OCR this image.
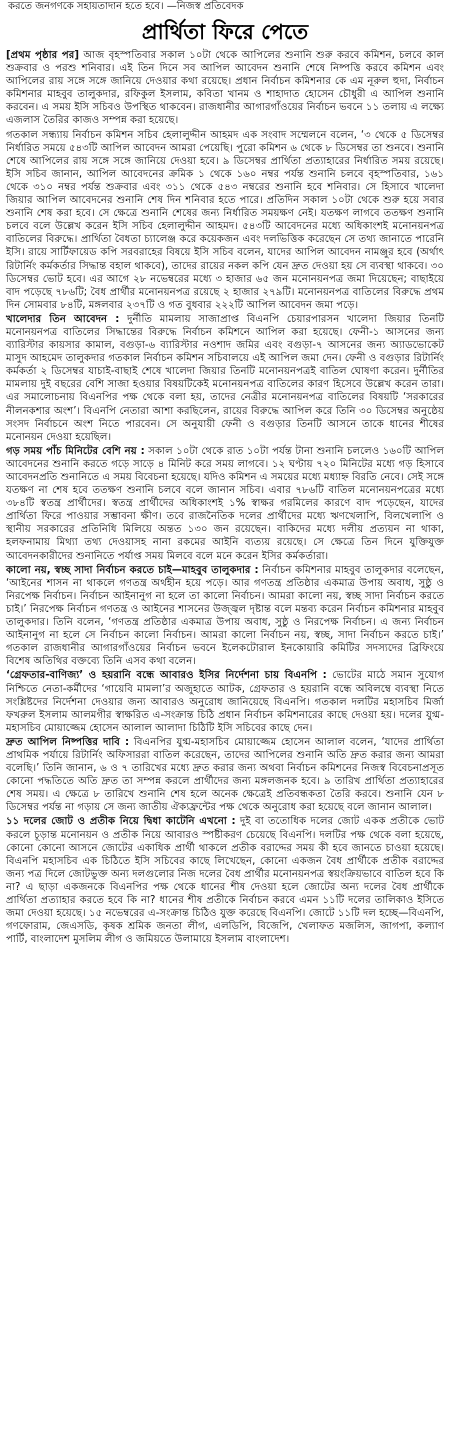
করতে জনগণকে সহায়তাদান হতে হবে। —নিজস্ব প্রতিবেদক
প্রার্থিতা ফিরে পেতে

[প্রথম পৃষ্ঠার পর] আজ বৃহস্পতিবার সকাল ১০টা থেকে আপিলের শুনানি শুরু করবে কমিশন, চলবে কাল শুক্রবার ও পরশু শনিবার। এই তিন দিনে সব আপিল আবেদন শুনানি শেষে নিষ্পত্তি করবে কমিশন এবং আপিলের রায় সঙ্গে সঙ্গে জানিয়ে দেওয়ার কথা রয়েছে। প্রধান নির্বাচন কমিশনার কে এম নূরুল হুদা, নির্বাচন কমিশনার মাহবুব তালুকদার, রফিকুল ইসলাম, কবিতা খানম ও শাহাদাত হোসেন চৌধুরী এ আপিল শুনানি করবেন। এ সময় ইসি সচিবও উপস্থিত থাকবেন। রাজধানীর আগারগাঁওয়ের নির্বাচন ভবনে ১১ তলায় এ লক্ষ্যে এজলাস তৈরির কাজও সম্পন্ন করা হয়েছে।

গতকাল সন্ধ্যায় নির্বাচন কমিশন সচিব হেলালুদ্দীন আহমদ এক সংবাদ সম্মেলনে বলেন, ‘৩ থেকে ৫ ডিসেম্বর নির্ধারিত সময়ে ৫৪৩টি আপিল আবেদন আমরা পেয়েছি। পুরো কমিশন ৬ থেকে ৮ ডিসেম্বর তা শুনবে। শুনানি শেষে আপিলের রায় সঙ্গে সঙ্গে জানিয়ে দেওয়া হবে। ৯ ডিসেম্বর প্রার্থিতা প্রত্যাহারের নির্ধারিত সময় রয়েছে। ইসি সচিব জানান, আপিল আবেদনের ক্রমিক ১ থেকে ১৬০ নম্বর পর্যন্ত শুনানি চলবে বৃহস্পতিবার, ১৬১ থেকে ৩১০ নম্বর পর্যন্ত শুক্রবার এবং ৩১১ থেকে ৫৪৩ নম্বরের শুনানি হবে শনিবার। সে হিসাবে খালেদা জিয়ার আপিল আবেদনের শুনানি শেষ দিন শনিবার হতে পারে। প্রতিদিন সকাল ১০টা থেকে শুরু হয়ে সবার শুনানি শেষ করা হবে। সে ক্ষেত্রে শুনানি শেষের জন্য নির্ধারিত সময়ক্ষণ নেই। যতক্ষণ লাগবে ততক্ষণ শুনানি চলবে বলে উল্লেখ করেন ইসি সচিব হেলালুদ্দীন আহমদ। ৫৪৩টি আবেদনের মধ্যে অধিকাংশই মনোনয়নপত্র বাতিলের বিরুদ্ধে। প্রার্থিতা বৈধতা চ্যালেঞ্জ করে কয়েকজন এবং দলভিত্তিক করেছেন সে তথ্য জানাতে পারেনি ইসি। রায়ে সার্টিফায়েড কপি সরবরাহের বিষয়ে ইসি সচিব বলেন, যাদের আপিল আবেদন নামঞ্জুর হবে (অর্থাৎ রিটার্নিং কর্মকর্তার সিদ্ধান্ত বহাল থাকবে), তাদের রায়ের নকল কপি যেন দ্রুত দেওয়া হয় সে ব্যবস্থা থাকবে। ৩০ ডিসেম্বর ভোট হবে। এর আগে ২৮ নভেম্বরের মধ্যে ৩ হাজার ৬৫ জন মনোনয়নপত্র জমা দিয়েছেন; বাছাইয়ে বাদ পড়েছে ৭৮৬টি; বৈধ প্রার্থীর মনোনয়নপত্র রয়েছে ২ হাজার ২৭৯টি। মনোনয়নপত্র বাতিলের বিরুদ্ধে প্রথম দিন সোমবার ৮৪টি, মঙ্গলবার ২৩৭টি ও গত বুধবার ২২২টি আপিল আবেদন জমা পড়ে।

খালেদার তিন আবেদন : দুর্নীতি মামলায় সাজাপ্রাপ্ত বিএনপি চেয়ারপারসন খালেদা জিয়ার তিনটি মনোনয়নপত্র বাতিলের সিদ্ধান্তের বিরুদ্ধে নির্বাচন কমিশনে আপিল করা হয়েছে। ফেনী-১ আসনের জন্য ব্যারিস্টার কায়সার কামাল, বগুড়া-৬ ব্যারিস্টার নওশাদ জমির এবং বগুড়া-৭ আসনের জন্য অ্যাডভোকেট মাসুদ আহমেদ তালুকদার গতকাল নির্বাচন কমিশন সচিবালয়ে এই আপিল জমা দেন। ফেনী ও বগুড়ার রিটার্নিং কর্মকর্তা ২ ডিসেম্বর যাচাই-বাছাই শেষে খালেদা জিয়ার তিনটি মনোনয়নপত্রই বাতিল ঘোষণা করেন। দুর্নীতির মামলায় দুই বছরের বেশি সাজা হওয়ার বিষয়টিকেই মনোনয়নপত্র বাতিলের কারণ হিসেবে উল্লেখ করেন তারা। এর সমালোচনায় বিএনপির পক্ষ থেকে বলা হয়, তাদের নেত্রীর মনোনয়নপত্র বাতিলের বিষয়টি ‘সরকারের নীলনকশার অংশ’। বিএনপি নেতারা আশা করছিলেন, রায়ের বিরুদ্ধে আপিল করে তিনি ৩০ ডিসেম্বর অনুষ্ঠেয় সংসদ নির্বাচনে অংশ নিতে পারবেন। সে অনুযায়ী ফেনী ও বগুড়ার তিনটি আসনে তাকে ধানের শীষের মনোনয়ন দেওয়া হয়েছিল।

গড় সময় পাঁচ মিনিটের বেশি নয় : সকাল ১০টা থেকে রাত ১০টা পর্যন্ত টানা শুনানি চললেও ১৬০টি আপিল আবেদনের শুনানি করতে গড়ে সাড়ে ৪ মিনিট করে সময় লাগবে। ১২ ঘণ্টায় ৭২০ মিনিটের মধ্যে গড় হিসাবে আবেদনপ্রতি শুনানিতে এ সময় বিবেচনা হয়েছে। যদিও কমিশন এ সময়ের মধ্যে মধ্যাহ্ন বিরতি নেবে। সেই সঙ্গে যতক্ষণ না শেষ হবে ততক্ষণ শুনানি চলবে বলে জানান সচিব। এবার ৭৮৬টি বাতিল মনোনয়নপত্রের মধ্যে ৩৮৪টি স্বতন্ত্র প্রার্থীদের। স্বতন্ত্র প্রার্থীদের অধিকাংশই ১% স্বাক্ষর গরমিলের কারণে বাদ পড়েছেন, যাদের প্রার্থিতা ফিরে পাওয়ার সম্ভাবনা ক্ষীণ। তবে রাজনৈতিক দলের প্রার্থীদের মধ্যে ঋণখেলাপি, বিলখেলাপি ও স্থানীয় সরকারের প্রতিনিধি মিলিয়ে অন্তত ১৩০ জন রয়েছেন। বাকিদের মধ্যে দলীয় প্রত্যয়ন না থাকা, হলফনামায় মিথ্যা তথ্য দেওয়াসহ নানা রকমের আইনি ব্যত্যয় রয়েছে। সে ক্ষেত্রে তিন দিনে যুক্তিযুক্ত আবেদনকারীদের শুনানিতে পর্যাপ্ত সময় মিলবে বলে মনে করেন ইসির কর্মকর্তারা।

কালো নয়, স্বচ্ছ সাদা নির্বাচন করতে চাই—মাহবুব তালুকদার : নির্বাচন কমিশনার মাহবুব তালুকদার বলেছেন, ‘আইনের শাসন না থাকলে গণতন্ত্র অর্থহীন হয়ে পড়ে। আর গণতন্ত্র প্রতিষ্ঠার একমাত্র উপায় অবাধ, সুষ্ঠু ও নিরপেক্ষ নির্বাচন। নির্বাচন আইনানুগ না হলে তা কালো নির্বাচন। আমরা কালো নয়, স্বচ্ছ সাদা নির্বাচন করতে চাই।’ নিরপেক্ষ নির্বাচন গণতন্ত্র ও আইনের শাসনের উজ্জ্বল দৃষ্টান্ত বলে মন্তব্য করেন নির্বাচন কমিশনার মাহবুব তালুকদার। তিনি বলেন, ‘গণতন্ত্র প্রতিষ্ঠার একমাত্র উপায় অবাধ, সুষ্ঠু ও নিরপেক্ষ নির্বাচন। এ জন্য নির্বাচন আইনানুগ না হলে সে নির্বাচন কালো নির্বাচন। আমরা কালো নির্বাচন নয়, স্বচ্ছ, সাদা নির্বাচন করতে চাই।’ গতকাল রাজধানীর আগারগাঁওয়ের নির্বাচন ভবনে ইলেকটোরাল ইনকোয়ারি কমিটির সদস্যদের ব্রিফিংয়ে বিশেষ অতিথির বক্তব্যে তিনি এসব কথা বলেন।

‘গ্রেফতার-বাণিজ্য’ ও হয়রানি বন্ধে আবারও ইসির নির্দেশনা চায় বিএনপি : ভোটের মাঠে সমান সুযোগ নিশ্চিতে নেতা-কর্মীদের ‘গায়েবি মামলা’র অজুহাতে আটক, গ্রেফতার ও হয়রানি বন্ধে অবিলম্বে ব্যবস্থা নিতে সংশ্লিষ্টদের নির্দেশনা দেওয়ার জন্য আবারও অনুরোধ জানিয়েছে বিএনপি। গতকাল দলটির মহাসচিব মির্জা ফখরুল ইসলাম আলমগীর স্বাক্ষরিত এ-সংক্রান্ত চিঠি প্রধান নির্বাচন কমিশনারের কাছে দেওয়া হয়। দলের যুগ্ম-মহাসচিব মোয়াজ্জেম হোসেন আলাল আলাদা চিঠিটি ইসি সচিবের কাছে দেন।

দ্রুত আপিল নিষ্পত্তির দাবি : বিএনপির যুগ্ম-মহাসচিব মোয়াজ্জেম হোসেন আলাল বলেন, ‘যাদের প্রার্থিতা প্রাথমিক পর্যায়ে রিটার্নিং অফিসাররা বাতিল করেছেন, তাদের আপিলের শুনানি অতি দ্রুত করার জন্য আমরা বলেছি।’ তিনি জানান, ৬ ও ৭ তারিখের মধ্যে দ্রুত করার জন্য অথবা নির্বাচন কমিশনের নিজস্ব বিবেচনাপ্রসূত কোনো পদ্ধতিতে অতি দ্রুত তা সম্পন্ন করলে প্রার্থীদের জন্য মঙ্গলজনক হবে। ৯ তারিখ প্রার্থিতা প্রত্যাহারের শেষ সময়। এ ক্ষেত্রে ৮ তারিখে শুনানি শেষ হলে অনেক ক্ষেত্রেই প্রতিবন্ধকতা তৈরি করবে। শুনানি যেন ৮ ডিসেম্বর পর্যন্ত না গড়ায় সে জন্য জাতীয় ঐক্যফ্রন্টের পক্ষ থেকে অনুরোধ করা হয়েছে বলে জানান আলাল।

১১ দলের জোট ও প্রতীক নিয়ে দ্বিধা কাটেনি এখনো : দুই বা ততোধিক দলের জোট একক প্রতীকে ভোট করলে চূড়ান্ত মনোনয়ন ও প্রতীক নিয়ে আবারও স্পষ্টীকরণ চেয়েছে বিএনপি। দলটির পক্ষ থেকে বলা হয়েছে, কোনো কোনো আসনে জোটের একাধিক প্রার্থী থাকলে প্রতীক বরাদ্দের সময় কী হবে জানতে চাওয়া হয়েছে। বিএনপি মহাসচিব এক চিঠিতে ইসি সচিবের কাছে লিখেছেন, কোনো একজন বৈধ প্রার্থীকে প্রতীক বরাদ্দের জন্য পত্র দিলে জোটভুক্ত অন্য দলগুলোর নিজ দলের বৈধ প্রার্থীর মনোনয়নপত্র স্বয়ংক্রিয়ভাবে বাতিল হবে কি না? এ ছাড়া একজনকে বিএনপির পক্ষ থেকে ধানের শীষ দেওয়া হলে জোটের অন্য দলের বৈধ প্রার্থীকে প্রার্থিতা প্রত্যাহার করতে হবে কি না? ধানের শীষ প্রতীকে নির্বাচন করবে এমন ১১টি দলের তালিকাও ইসিতে জমা দেওয়া হয়েছে। ১৫ নভেম্বরের এ-সংক্রান্ত চিঠিও যুক্ত করেছে বিএনপি। জোটে ১১টি দল হচ্ছে—বিএনপি, গণফোরাম, জেএসডি, কৃষক শ্রমিক জনতা লীগ, এলডিপি, বিজেপি, খেলাফত মজলিস, জাগপা, কল্যাণ পার্টি, বাংলাদেশ মুসলিম লীগ ও জমিয়তে উলামায়ে ইসলাম বাংলাদেশ।
